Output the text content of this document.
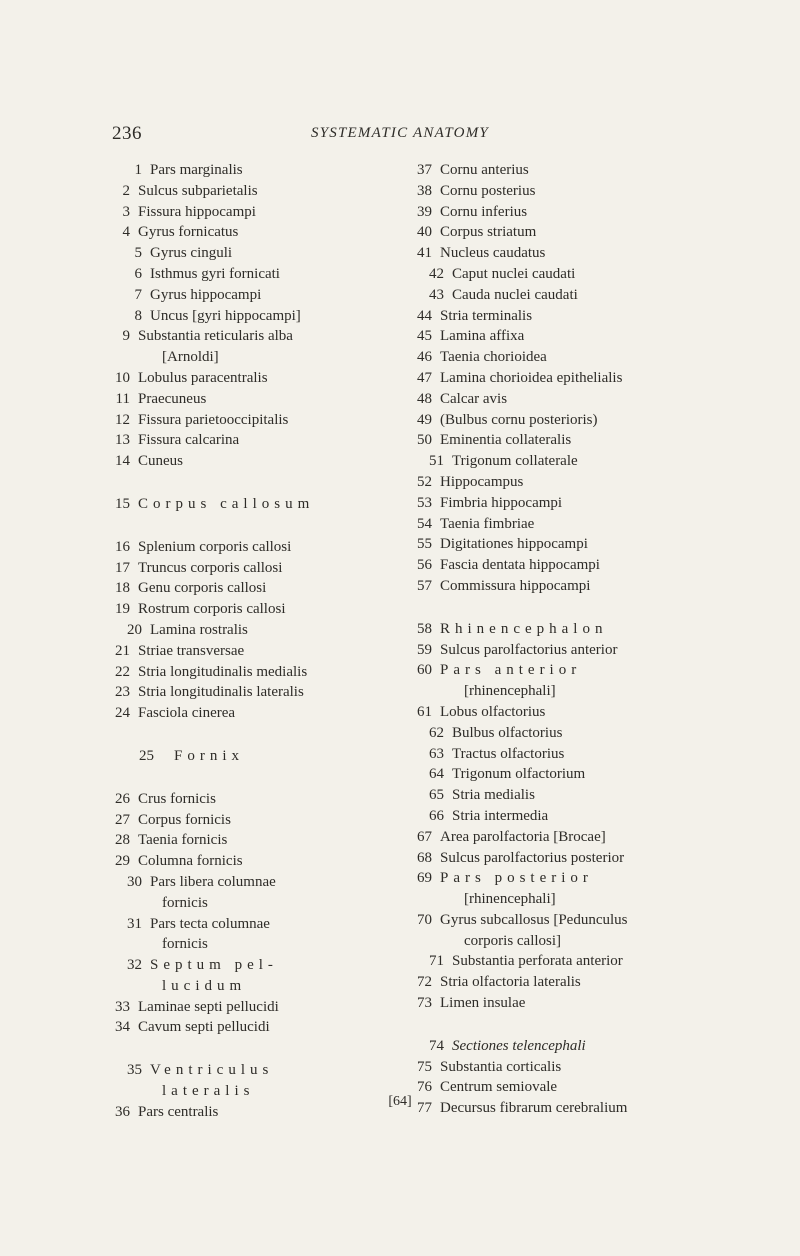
236	SYSTEMATIC ANATOMY
1 Pars marginalis
2 Sulcus subparietalis
3 Fissura hippocampi
4 Gyrus fornicatus
5 Gyrus cinguli
6 Isthmus gyri fornicati
7 Gyrus hippocampi
8 Uncus [gyri hippocampi]
9 Substantia reticularis alba
[Arnoldi]
10 Lobulus paracentralis
11 Praecuneus
12 Fissura parietooccipitalis
13 Fissura calcarina
14 Cuneus
15 Corpus callosum
16 Splenium corporis callosi
17 Truncus corporis callosi
18 Genu corporis callosi
19 Rostrum corporis callosi
20 Lamina rostralis
21 Striae transversae
22 Stria longitudinalis medialis
23 Stria longitudinalis lateralis
24 Fasciola cinerea
25 Fornix
26 Crus fornicis
27 Corpus fornicis
28 Taenia fornicis
29 Columna fornicis
30 Pars libera columnae
fornicis
31 Pars tecta columnae
fornicis
32 Septum pel-
lucidum
33 Laminae septi pellucidi
34 Cavum septi pellucidi
35 Ventriculus
lateralis
36 Pars centralis
37 Cornu anterius
38 Cornu posterius
39 Cornu inferius
40 Corpus striatum
41 Nucleus caudatus
42 Caput nuclei caudati
43 Cauda nuclei caudati
44 Stria terminalis
45 Lamina affixa
46 Taenia chorioidea
47 Lamina chorioidea epithelialis
48 Calcar avis
49 (Bulbus cornu posterioris)
50 Eminentia collateralis
51 Trigonum collaterale
52 Hippocampus
53 Fimbria hippocampi
54 Taenia fimbriae
55 Digitationes hippocampi
56 Fascia dentata hippocampi
57 Commissura hippocampi
58 Rhinencephalon
59 Sulcus parolfactorius anterior
60 Pars anterior
[rhinencephali]
61 Lobus olfactorius
62 Bulbus olfactorius
63 Tractus olfactorius
64 Trigonum olfactorium
65 Stria medialis
66 Stria intermedia
67 Area parolfactoria [Brocae]
68 Sulcus parolfactorius posterior
69 Pars posterior
[rhinencephali]
70 Gyrus subcallosus [Pedunculus
corporis callosi]
71 Substantia perforata anterior
72 Stria olfactoria lateralis
73 Limen insulae
74 Sectiones telencephali
75 Substantia corticalis
76 Centrum semiovale
77 Decursus fibrarum cerebralium
[64]
